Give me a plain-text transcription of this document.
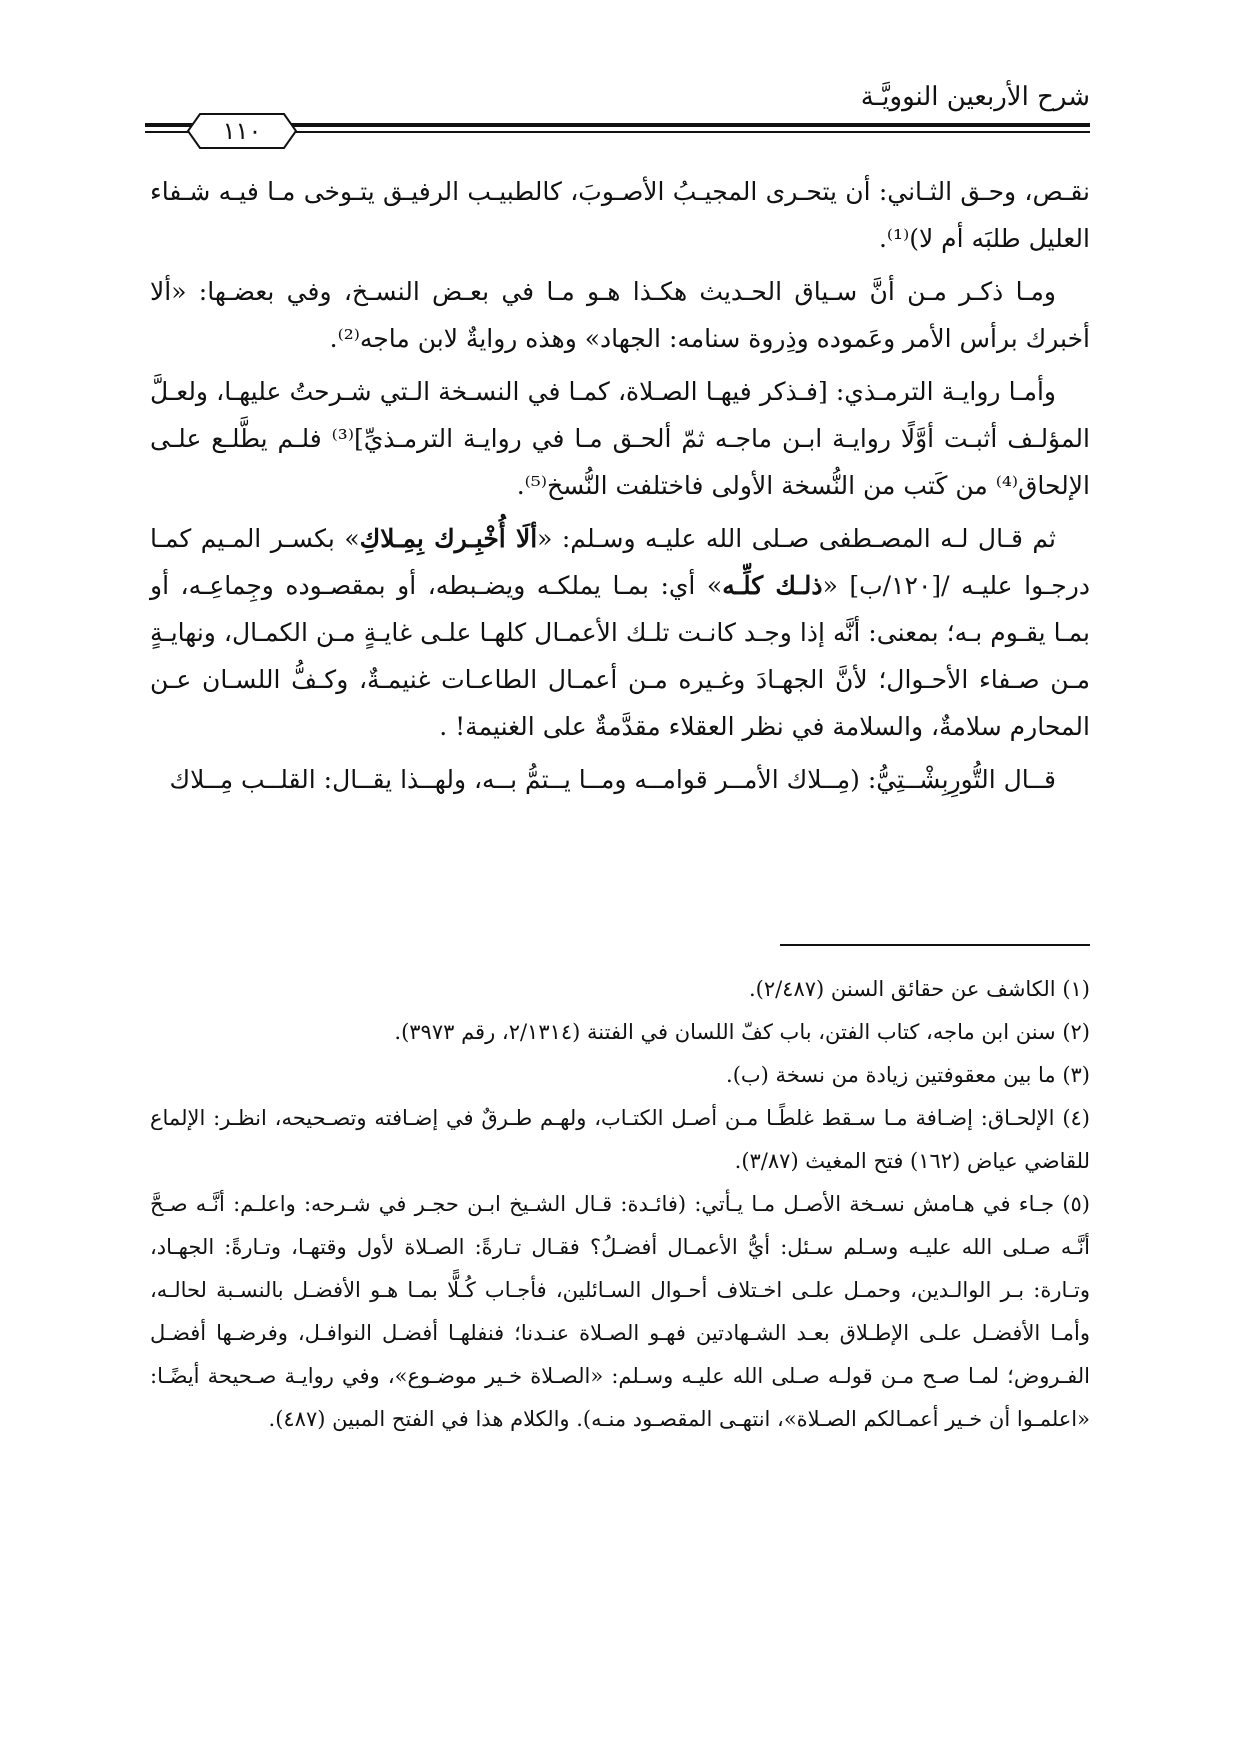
شرح الأربعين النوويَّـة
١١٠

نقـص، وحـق الثـاني: أن يتحـرى المجيـبُ الأصـوبَ، كالطبيـب الرفيـق يتـوخى مـا فيـه شـفاء العليل طلبَه أم لا)⁽¹⁾.

ومـا ذكـر مـن أنَّ سـياق الحـديث هكـذا هـو مـا في بعـض النسـخ، وفي بعضـها: «ألا أخبرك برأس الأمر وعَموده وذِروة سنامه: الجهاد» وهذه روايةٌ لابن ماجه⁽²⁾.

وأمـا روايـة الترمـذي: [فـذكر فيهـا الصـلاة، كمـا في النسـخة الـتي شـرحتُ عليهـا، ولعـلَّ المؤلـف أثبـت أوَّلًا روايـة ابـن ماجـه ثمّ ألحـق مـا في روايـة الترمـذيِّ]⁽³⁾ فلـم يطَّلـع علـى الإلحاق⁽⁴⁾ من كَتب من النُّسخة الأولى فاختلفت النُّسخ⁽⁵⁾.

ثم قـال لـه المصـطفى صـلى الله عليـه وسـلم: «ألَا أُخْبِـرك بِمِـلاكِ» بكسـر المـيم كمـا درجـوا عليـه /[١٢٠/ب] «ذلـك كلِّـه» أي: بمـا يملكـه ويضـبطه، أو بمقصـوده وجِماعِـه، أو بمـا يقـوم بـه؛ بمعنى: أنَّه إذا وجـد كانـت تلـك الأعمـال كلهـا علـى غايـةٍ مـن الكمـال، ونهايـةٍ مـن صـفاء الأحـوال؛ لأنَّ الجهـادَ وغـيره مـن أعمـال الطاعـات غنيمـةٌ، وكـفُّ اللسـان عـن المحارم سلامةٌ، والسلامة في نظر العقلاء مقدَّمةٌ على الغنيمة! .

قــال التُّورِبِشْــتِيُّ: (مِــلاك الأمــر قوامــه ومــا يــتمُّ بــه، ولهــذا يقــال: القلــب مِــلاك

(١) الكاشف عن حقائق السنن (٢/٤٨٧).

(٢) سنن ابن ماجه، كتاب الفتن، باب كفّ اللسان في الفتنة (٢/١٣١٤، رقم ٣٩٧٣).

(٣) ما بين معقوفتين زيادة من نسخة (ب).

(٤) الإلحـاق: إضـافة مـا سـقط غلطًـا مـن أصـل الكتـاب، ولهـم طـرقٌ في إضـافته وتصـحيحه، انظـر: الإلماع للقاضي عياض (١٦٢) فتح المغيث (٣/٨٧).

(٥) جـاء في هـامش نسـخة الأصـل مـا يـأتي: (فائـدة: قـال الشـيخ ابـن حجـر في شـرحه: واعلـم: أنَّـه صـحَّ أنَّـه صـلى الله عليـه وسـلم سـئل: أيُّ الأعمـال أفضـلُ؟ فقـال تـارةً: الصـلاة لأول وقتهـا، وتـارةً: الجهـاد، وتـارة: بـر الوالـدين، وحمـل علـى اخـتلاف أحـوال السـائلين، فأجـاب كُـلًّا بمـا هـو الأفضـل بالنسـبة لحالـه، وأمـا الأفضـل علـى الإطـلاق بعـد الشـهادتين فهـو الصـلاة عنـدنا؛ فنفلهـا أفضـل النوافـل، وفرضـها أفضـل الفـروض؛ لمـا صـح مـن قولـه صـلى الله عليـه وسـلم: «الصـلاة خـير موضـوع»، وفي روايـة صـحيحة أيضًـا: «اعلمـوا أن خـير أعمـالكم الصـلاة»، انتهـى المقصـود منـه). والكلام هذا في الفتح المبين (٤٨٧).
